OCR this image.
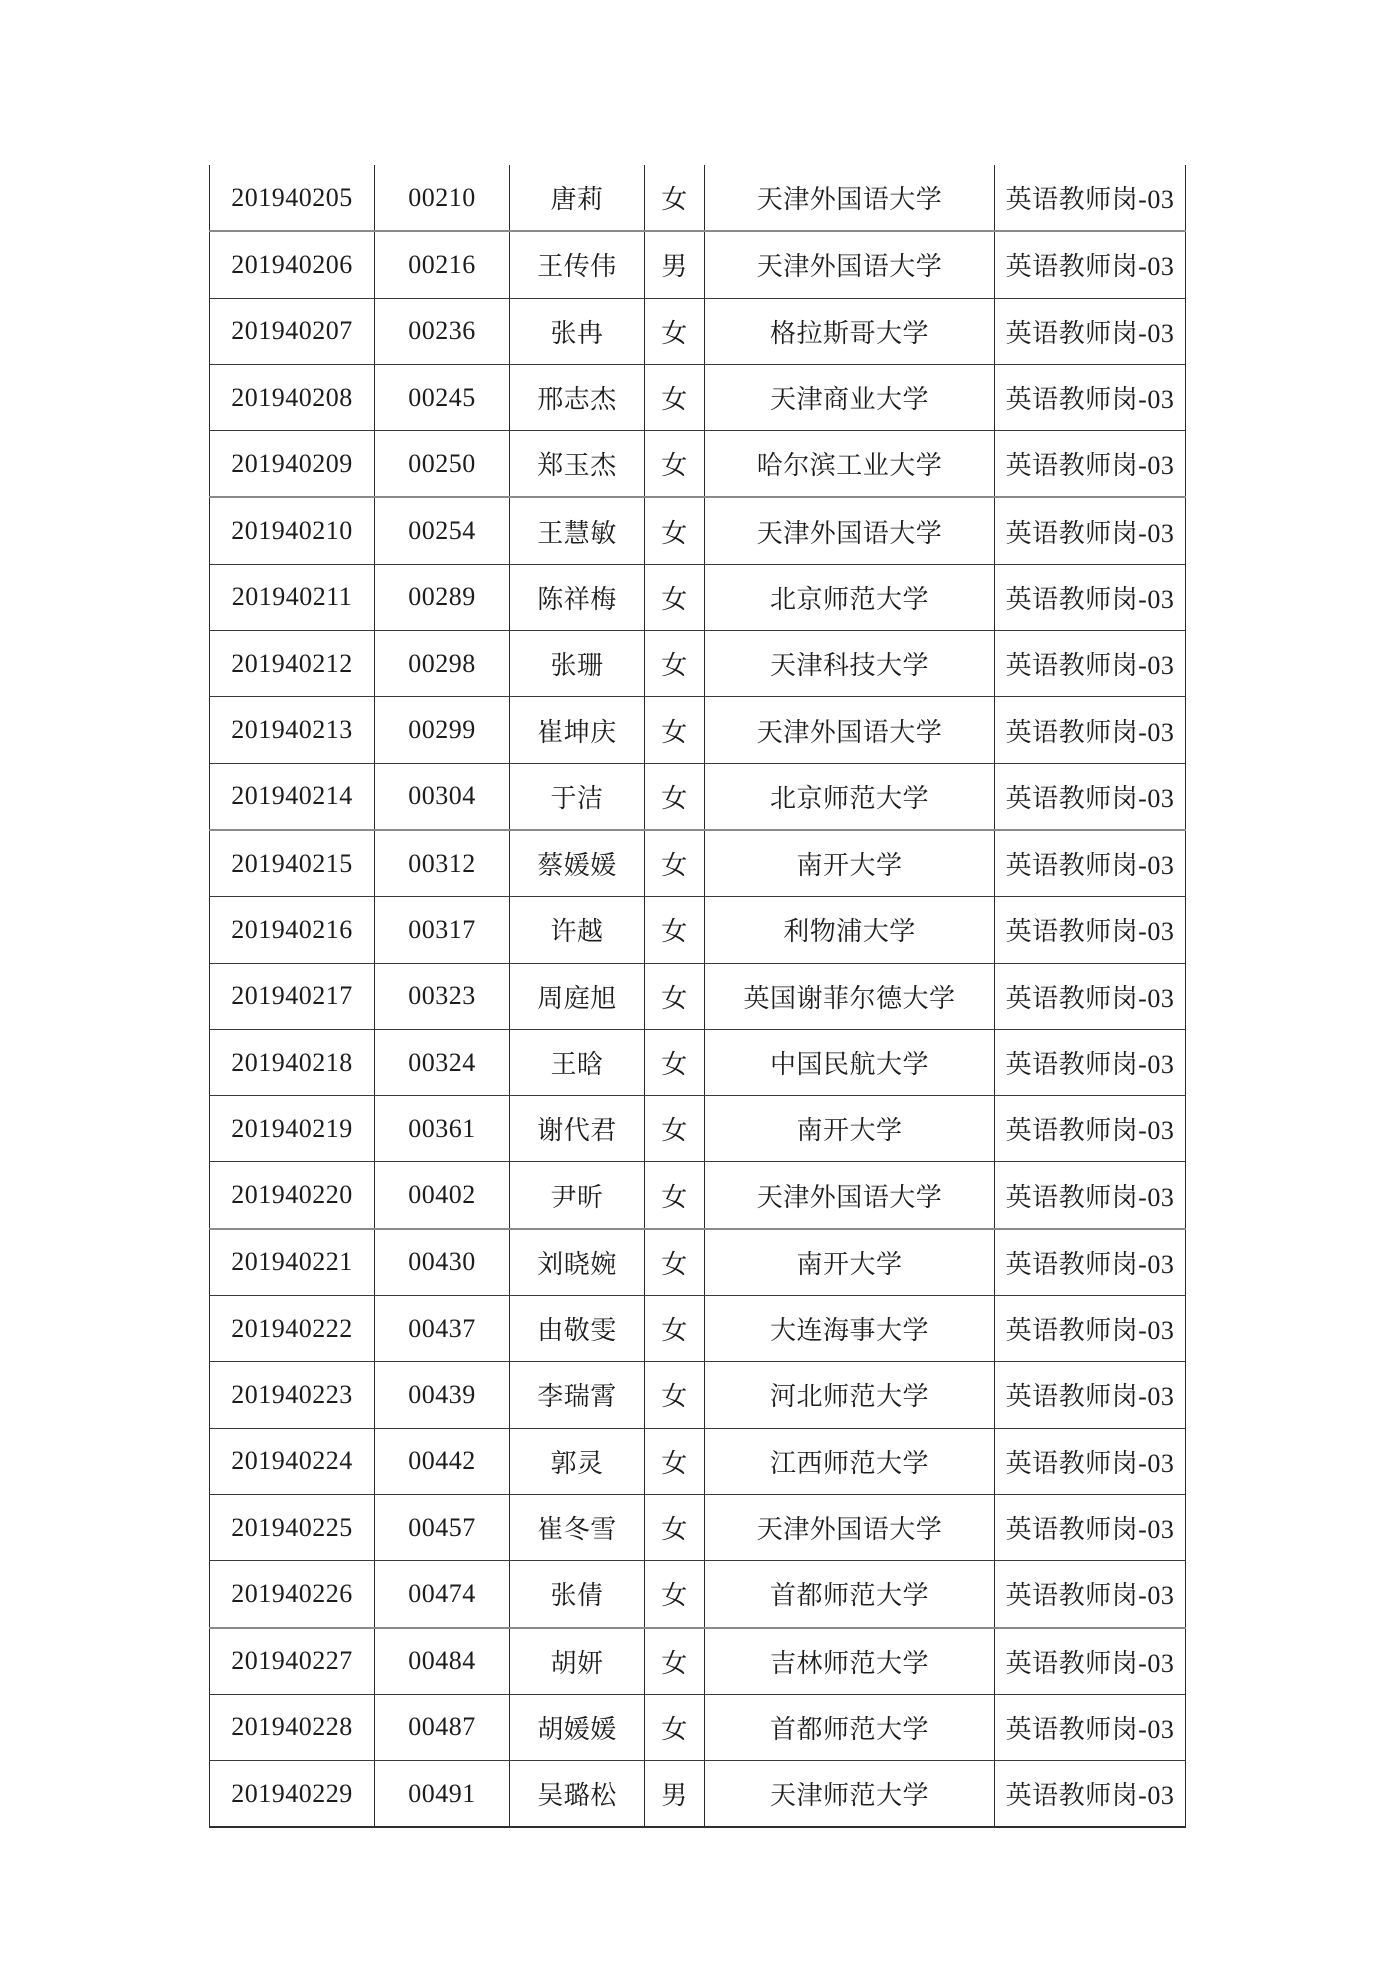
201940205	00210	唐莉	女	天津外国语大学	英语教师岗-03
201940206	00216	王传伟	男	天津外国语大学	英语教师岗-03
201940207	00236	张冉	女	格拉斯哥大学	英语教师岗-03
201940208	00245	邢志杰	女	天津商业大学	英语教师岗-03
201940209	00250	郑玉杰	女	哈尔滨工业大学	英语教师岗-03
201940210	00254	王慧敏	女	天津外国语大学	英语教师岗-03
201940211	00289	陈祥梅	女	北京师范大学	英语教师岗-03
201940212	00298	张珊	女	天津科技大学	英语教师岗-03
201940213	00299	崔坤庆	女	天津外国语大学	英语教师岗-03
201940214	00304	于洁	女	北京师范大学	英语教师岗-03
201940215	00312	蔡媛媛	女	南开大学	英语教师岗-03
201940216	00317	许越	女	利物浦大学	英语教师岗-03
201940217	00323	周庭旭	女	英国谢菲尔德大学	英语教师岗-03
201940218	00324	王晗	女	中国民航大学	英语教师岗-03
201940219	00361	谢代君	女	南开大学	英语教师岗-03
201940220	00402	尹昕	女	天津外国语大学	英语教师岗-03
201940221	00430	刘晓婉	女	南开大学	英语教师岗-03
201940222	00437	由敬雯	女	大连海事大学	英语教师岗-03
201940223	00439	李瑞霄	女	河北师范大学	英语教师岗-03
201940224	00442	郭灵	女	江西师范大学	英语教师岗-03
201940225	00457	崔冬雪	女	天津外国语大学	英语教师岗-03
201940226	00474	张倩	女	首都师范大学	英语教师岗-03
201940227	00484	胡妍	女	吉林师范大学	英语教师岗-03
201940228	00487	胡媛媛	女	首都师范大学	英语教师岗-03
201940229	00491	吴璐松	男	天津师范大学	英语教师岗-03
